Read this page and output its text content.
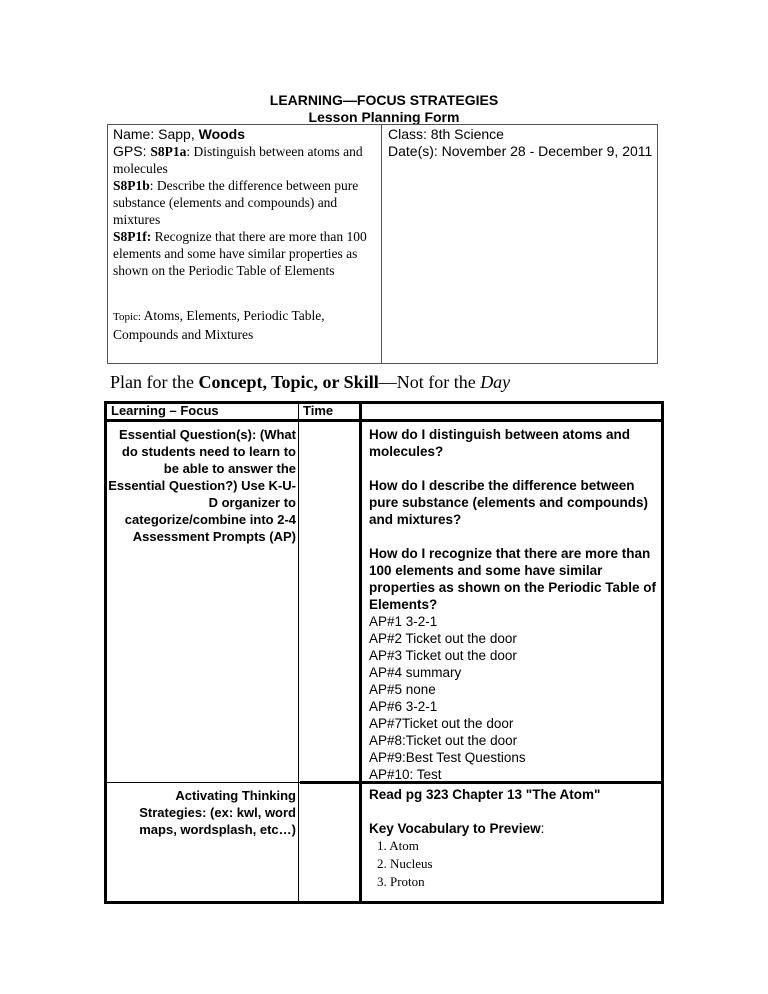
LEARNING—FOCUS STRATEGIES
Lesson Planning Form
Name: Sapp, Woods
GPS: S8P1a: Distinguish between atoms and molecules
S8P1b: Describe the difference between pure substance (elements and compounds) and mixtures
S8P1f: Recognize that there are more than 100 elements and some have similar properties as shown on the Periodic Table of Elements
Topic: Atoms, Elements, Periodic Table, Compounds and Mixtures
Class: 8th Science
Date(s): November 28 - December 9, 2011
Plan for the Concept, Topic, or Skill—Not for the Day
Learning – Focus	Time
Essential Question(s): (What do students need to learn to be able to answer the Essential Question?) Use K-U-D organizer to categorize/combine into 2-4 Assessment Prompts (AP)
How do I distinguish between atoms and molecules?
How do I describe the difference between pure substance (elements and compounds) and mixtures?
How do I recognize that there are more than 100 elements and some have similar properties as shown on the Periodic Table of Elements?
AP#1 3-2-1
AP#2 Ticket out the door
AP#3 Ticket out the door
AP#4 summary
AP#5 none
AP#6 3-2-1
AP#7Ticket out the door
AP#8:Ticket out the door
AP#9:Best Test Questions
AP#10: Test
Activating Thinking Strategies: (ex: kwl, word maps, wordsplash, etc…)
Read pg 323 Chapter 13 "The Atom"
Key Vocabulary to Preview:
1. Atom
2. Nucleus
3. Proton
